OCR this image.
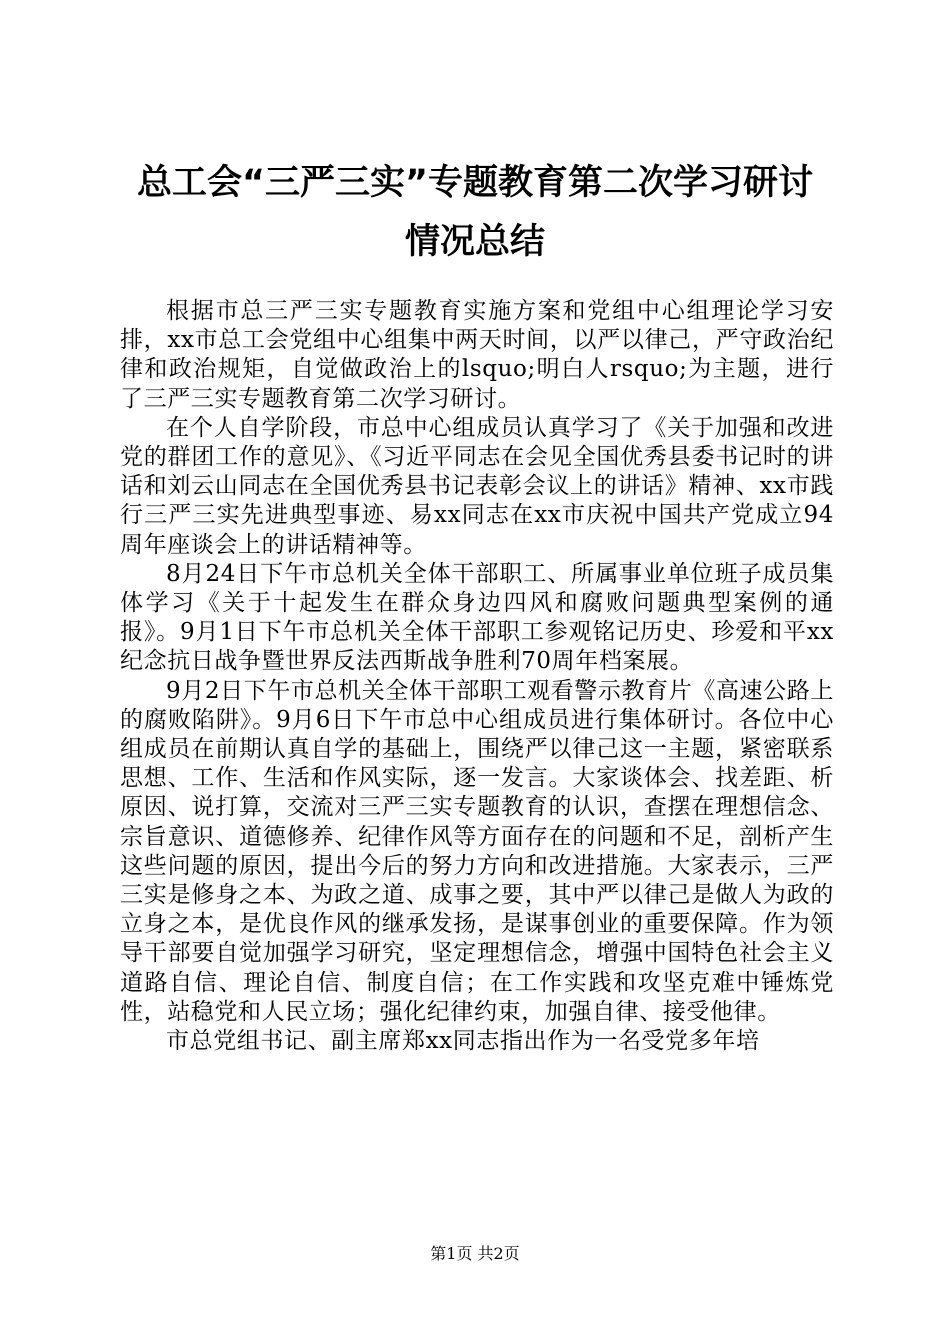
总工会“三严三实”专题教育第二次学习研讨
情况总结

根据市总三严三实专题教育实施方案和党组中心组理论学习安排，xx市总工会党组中心组集中两天时间，以严以律己，严守政治纪律和政治规矩，自觉做政治上的lsquo;明白人rsquo;为主题，进行了三严三实专题教育第二次学习研讨。

在个人自学阶段，市总中心组成员认真学习了《关于加强和改进党的群团工作的意见》、《习近平同志在会见全国优秀县委书记时的讲话和刘云山同志在全国优秀县书记表彰会议上的讲话》精神、xx市践行三严三实先进典型事迹、易xx同志在xx市庆祝中国共产党成立94周年座谈会上的讲话精神等。

8月24日下午市总机关全体干部职工、所属事业单位班子成员集体学习《关于十起发生在群众身边四风和腐败问题典型案例的通报》。9月1日下午市总机关全体干部职工参观铭记历史、珍爱和平xx纪念抗日战争暨世界反法西斯战争胜利70周年档案展。

9月2日下午市总机关全体干部职工观看警示教育片《高速公路上的腐败陷阱》。9月6日下午市总中心组成员进行集体研讨。各位中心组成员在前期认真自学的基础上，围绕严以律己这一主题，紧密联系思想、工作、生活和作风实际，逐一发言。大家谈体会、找差距、析原因、说打算，交流对三严三实专题教育的认识，查摆在理想信念、宗旨意识、道德修养、纪律作风等方面存在的问题和不足，剖析产生这些问题的原因，提出今后的努力方向和改进措施。大家表示，三严三实是修身之本、为政之道、成事之要，其中严以律己是做人为政的立身之本，是优良作风的继承发扬，是谋事创业的重要保障。作为领导干部要自觉加强学习研究，坚定理想信念，增强中国特色社会主义道路自信、理论自信、制度自信；在工作实践和攻坚克难中锤炼党性，站稳党和人民立场；强化纪律约束，加强自律、接受他律。

市总党组书记、副主席郑xx同志指出作为一名受党多年培

第1页 共2页
